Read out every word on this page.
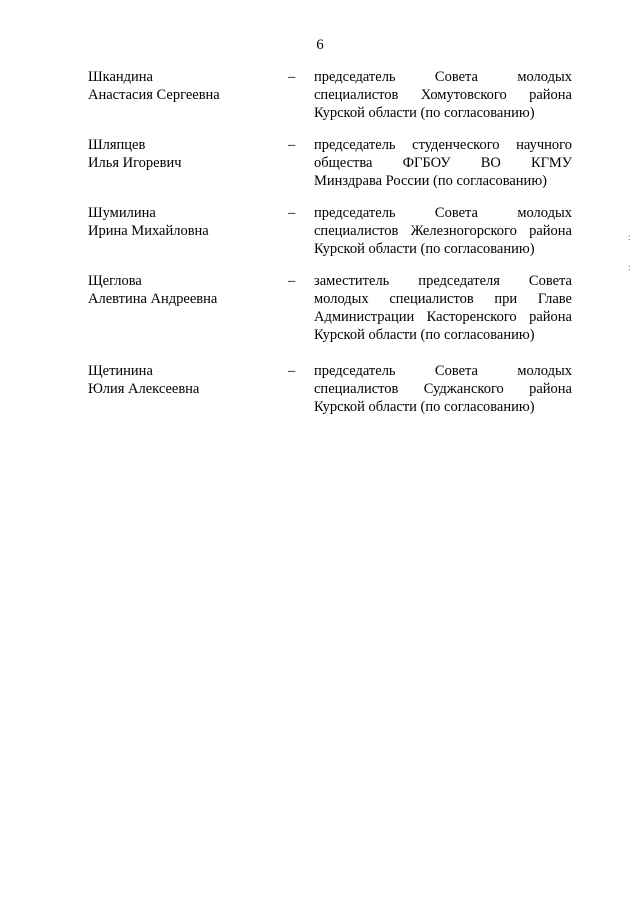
6
Шкандина
Анастасия Сергеевна
–	председатель Совета молодых
специалистов Хомутовского района
Курской области (по согласованию)
Шляпцев
Илья Игоревич
–	председатель студенческого научного
общества ФГБОУ ВО КГМУ
Минздрава России (по согласованию)
Шумилина
Ирина Михайловна
–	председатель Совета молодых
специалистов Железногорского района
Курской области (по согласованию)
Щеглова
Алевтина Андреевна
–	заместитель председателя Совета
молодых специалистов при Главе
Администрации Касторенского района
Курской области (по согласованию)
Щетинина
Юлия Алексеевна
–	председатель Совета молодых
специалистов Суджанского района
Курской области (по согласованию)
:
:
